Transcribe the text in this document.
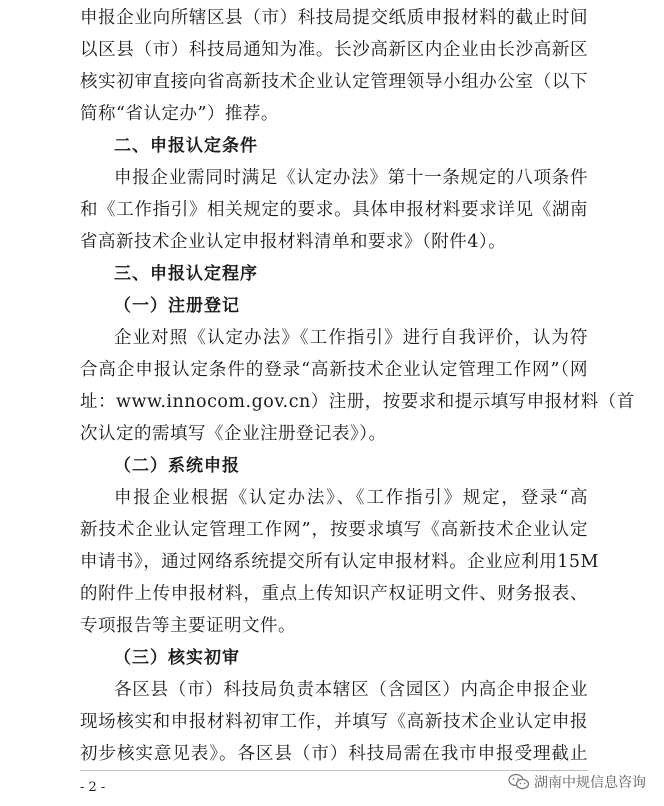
申报企业向所辖区县（市）科技局提交纸质申报材料的截止时间
以区县（市）科技局通知为准。长沙高新区内企业由长沙高新区
核实初审直接向省高新技术企业认定管理领导小组办公室（以下
简称“省认定办”）推荐。
二、申报认定条件
申报企业需同时满足《认定办法》第十一条规定的八项条件
和《工作指引》相关规定的要求。具体申报材料要求详见《湖南
省高新技术企业认定申报材料清单和要求》（附件4）。
三、申报认定程序
（一）注册登记
企业对照《认定办法》《工作指引》进行自我评价，认为符
合高企申报认定条件的登录“高新技术企业认定管理工作网”（网
址：www.innocom.gov.cn）注册，按要求和提示填写申报材料（首
次认定的需填写《企业注册登记表》）。
（二）系统申报
申报企业根据《认定办法》、《工作指引》规定，登录“高
新技术企业认定管理工作网”，按要求填写《高新技术企业认定
申请书》，通过网络系统提交所有认定申报材料。企业应利用15M
的附件上传申报材料，重点上传知识产权证明文件、财务报表、
专项报告等主要证明文件。
（三）核实初审
各区县（市）科技局负责本辖区（含园区）内高企申报企业
现场核实和申报材料初审工作，并填写《高新技术企业认定申报
初步核实意见表》。各区县（市）科技局需在我市申报受理截止
- 2 -	湖南中规信息咨询
